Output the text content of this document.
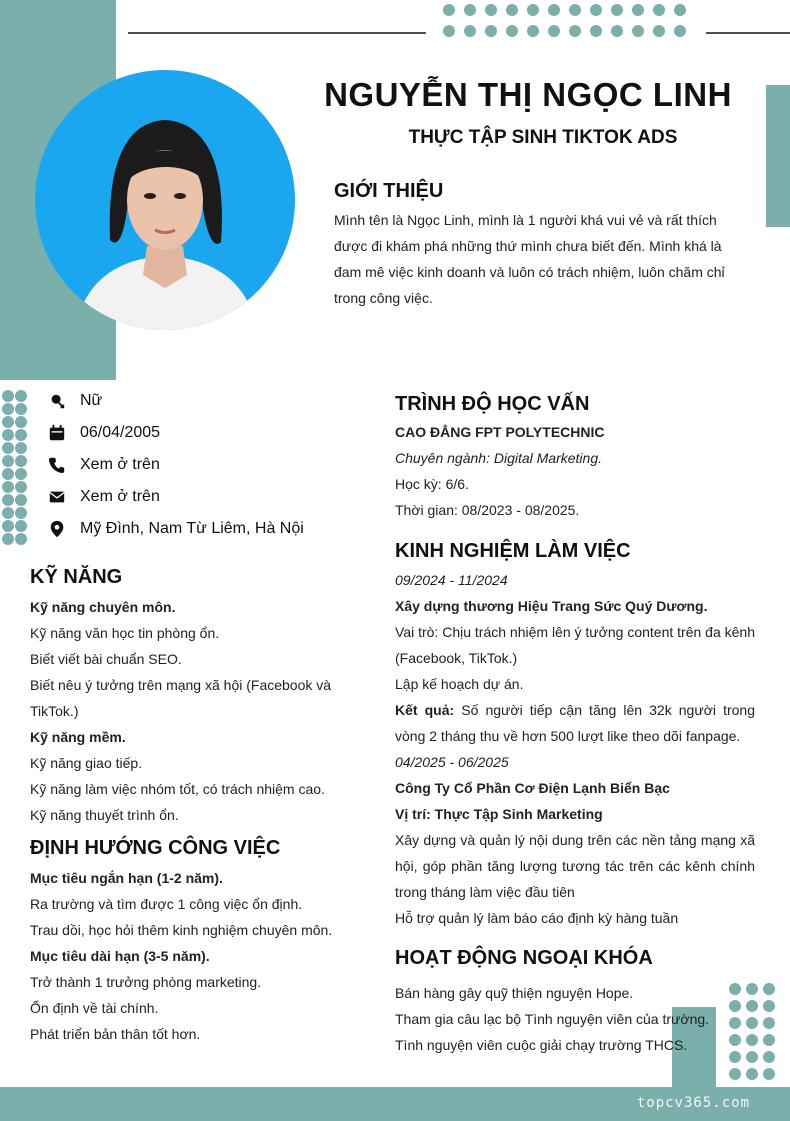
NGUYỄN THỊ NGỌC LINH
THỰC TẬP SINH TIKTOK ADS
GIỚI THIỆU
Mình tên là Ngọc Linh, mình là 1 người khá vui vẻ và rất thích được đi khám phá những thứ mình chưa biết đến. Mình khá là đam mê việc kinh doanh và luôn có trách nhiệm, luôn chăm chỉ trong công việc.
Nữ
06/04/2005
Xem ở trên
Xem ở trên
Mỹ Đình, Nam Từ Liêm, Hà Nội
KỸ NĂNG

Kỹ năng chuyên môn.

Kỹ năng văn học tin phòng ổn.

Biết viết bài chuẩn SEO.

Biết nêu ý tưởng trên mạng xã hội (Facebook và TikTok.)

Kỹ năng mềm.

Kỹ năng giao tiếp.

Kỹ năng làm việc nhóm tốt, có trách nhiệm cao.

Kỹ năng thuyết trình ổn.

ĐỊNH HƯỚNG CÔNG VIỆC

Mục tiêu ngắn hạn (1-2 năm).

Ra trường và tìm được 1 công việc ổn định.

Trau dồi, học hỏi thêm kinh nghiệm chuyên môn.

Mục tiêu dài hạn (3-5 năm).

Trở thành 1 trưởng phòng marketing.

Ổn định về tài chính.

Phát triển bản thân tốt hơn.

TRÌNH ĐỘ HỌC VẤN

CAO ĐẲNG FPT POLYTECHNIC

Chuyên ngành: Digital Marketing.

Học kỳ: 6/6.

Thời gian: 08/2023 - 08/2025.

KINH NGHIỆM LÀM VIỆC

09/2024 - 11/2024

Xây dựng thương Hiệu Trang Sức Quý Dương.

Vai trò: Chịu trách nhiệm lên ý tưởng content trên đa kênh (Facebook, TikTok.)

Lập kế hoạch dự án.

Kết quả: Số người tiếp cận tăng lên 32k người trong vòng 2 tháng thu về hơn 500 lượt like theo dõi fanpage.

04/2025 - 06/2025

Công Ty Cổ Phần Cơ Điện Lạnh Biển Bạc

Vị trí: Thực Tập Sinh Marketing

Xây dựng và quản lý nội dung trên các nền tảng mạng xã hội, góp phần tăng lượng tương tác trên các kênh chính trong tháng làm việc đầu tiên

Hỗ trợ quản lý làm báo cáo định kỳ hàng tuần

HOẠT ĐỘNG NGOẠI KHÓA

Bán hàng gây quỹ thiện nguyện Hope.

Tham gia câu lạc bộ Tình nguyện viên của trường.

Tình nguyện viên cuộc giải chạy trường THCS.

topcv365.com
